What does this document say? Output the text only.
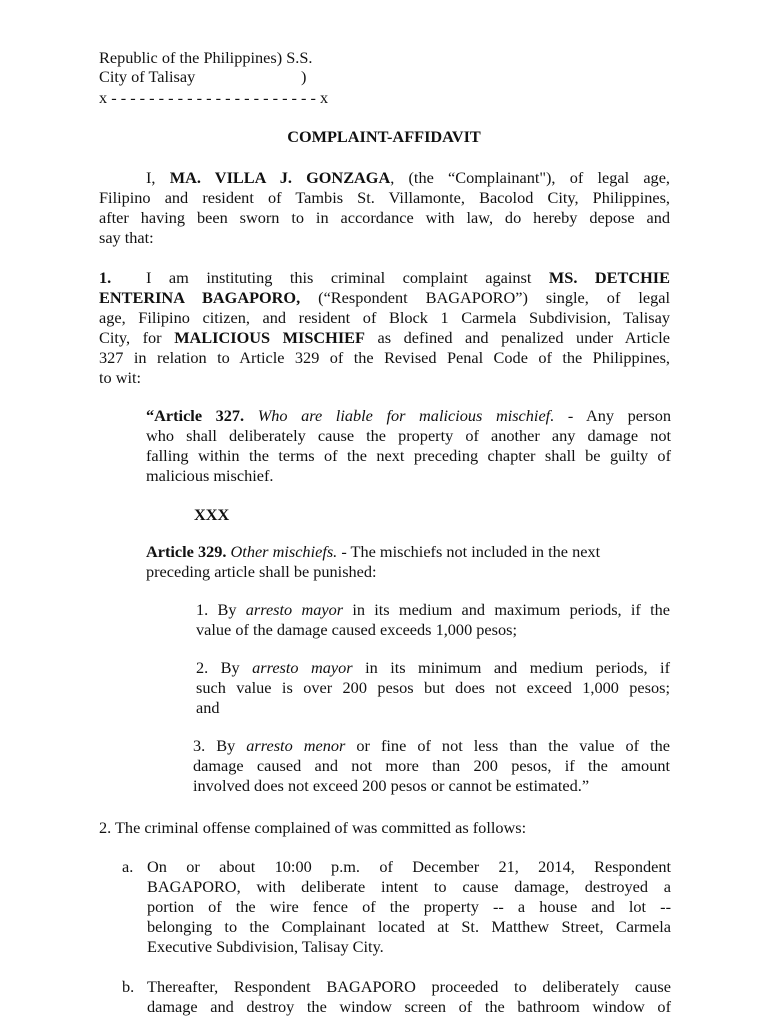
Republic of the Philippines) S.S.
City of Talisay	)
x - - - - - - - - - - - - - - - - - - - - - - x
COMPLAINT-AFFIDAVIT
I, MA. VILLA J. GONZAGA, (the “Complainant"), of legal age,
Filipino and resident of Tambis St. Villamonte, Bacolod City, Philippines,
after having been sworn to in accordance with law, do hereby depose and
say that:
1. I am instituting this criminal complaint against MS. DETCHIE
ENTERINA BAGAPORO, (“Respondent BAGAPORO”) single, of legal
age, Filipino citizen, and resident of Block 1 Carmela Subdivision, Talisay
City, for MALICIOUS MISCHIEF as defined and penalized under Article
327 in relation to Article 329 of the Revised Penal Code of the Philippines,
to wit:
“Article 327. Who are liable for malicious mischief. - Any person
who shall deliberately cause the property of another any damage not
falling within the terms of the next preceding chapter shall be guilty of
malicious mischief.
XXX
Article 329. Other mischiefs. - The mischiefs not included in the next
preceding article shall be punished:
1. By arresto mayor in its medium and maximum periods, if the
value of the damage caused exceeds 1,000 pesos;
2. By arresto mayor in its minimum and medium periods, if
such value is over 200 pesos but does not exceed 1,000 pesos;
and
3. By arresto menor or fine of not less than the value of the
damage caused and not more than 200 pesos, if the amount
involved does not exceed 200 pesos or cannot be estimated.”
2. The criminal offense complained of was committed as follows:
a. On or about 10:00 p.m. of December 21, 2014, Respondent
BAGAPORO, with deliberate intent to cause damage, destroyed a
portion of the wire fence of the property -- a house and lot --
belonging to the Complainant located at St. Matthew Street, Carmela
Executive Subdivision, Talisay City.
b. Thereafter, Respondent BAGAPORO proceeded to deliberately cause
damage and destroy the window screen of the bathroom window of
